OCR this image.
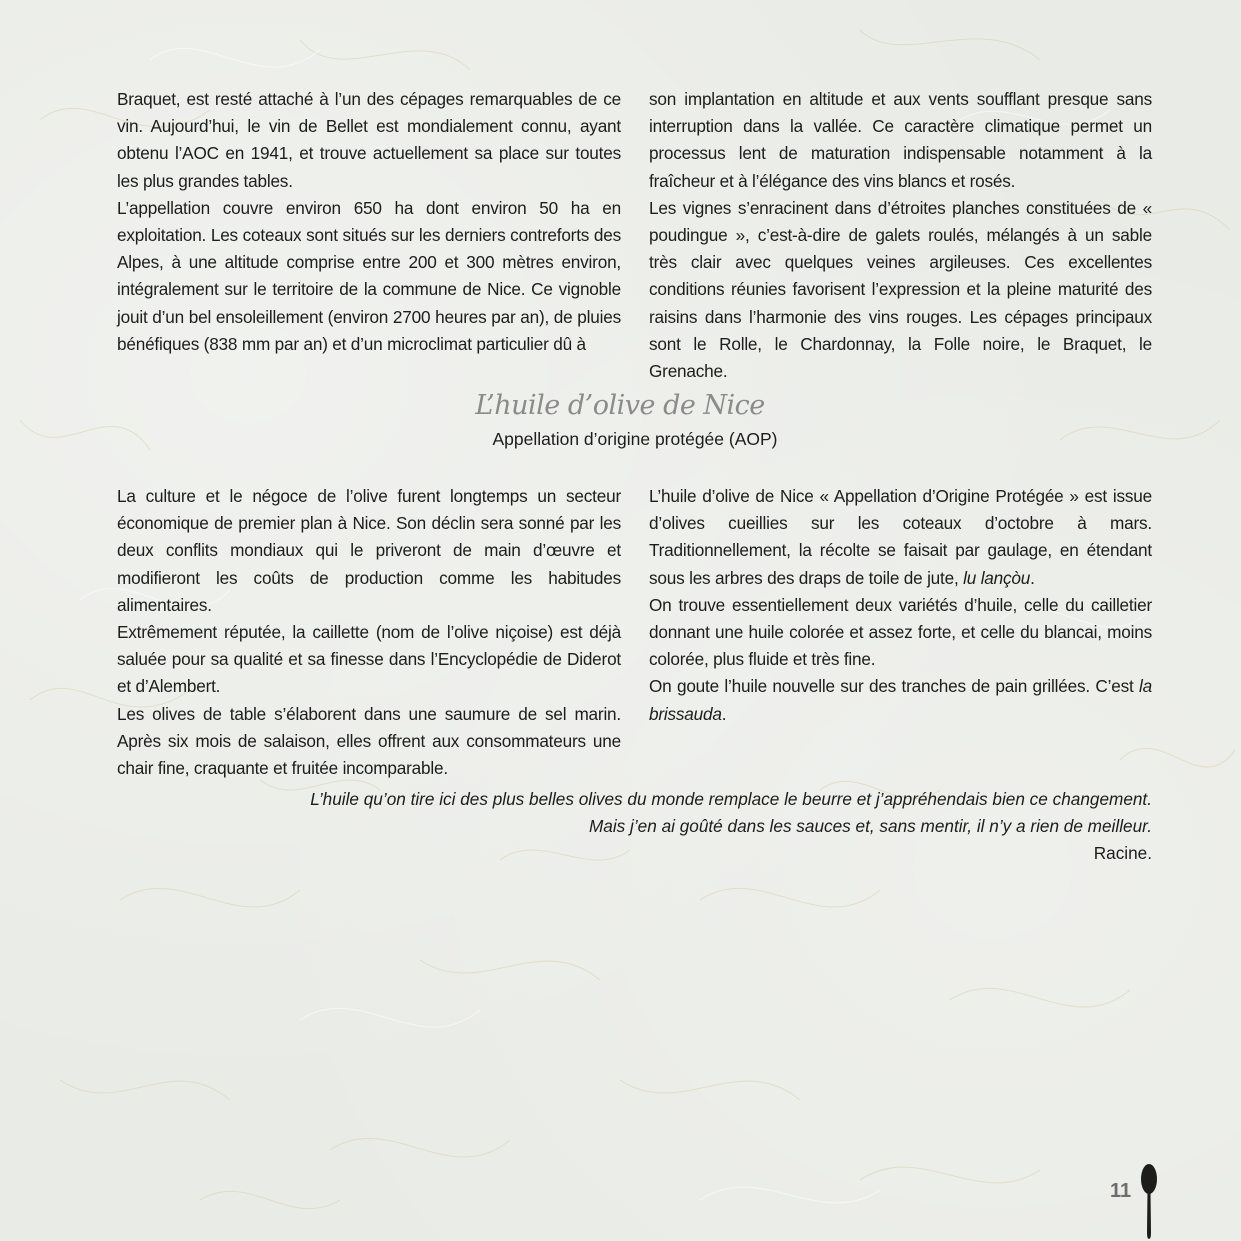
Braquet, est resté attaché à l’un des cépages remarquables de ce vin. Aujourd’hui, le vin de Bellet est mondialement connu, ayant obtenu l’AOC en 1941, et trouve actuellement sa place sur toutes les plus grandes tables.

L’appellation couvre environ 650 ha dont environ 50 ha en exploitation. Les coteaux sont situés sur les derniers contreforts des Alpes, à une altitude comprise entre 200 et 300 mètres environ, intégralement sur le territoire de la commune de Nice. Ce vignoble jouit d’un bel ensoleillement (environ 2700 heures par an), de pluies bénéfiques (838 mm par an) et d’un microclimat particulier dû à

son implantation en altitude et aux vents soufflant presque sans interruption dans la vallée. Ce caractère climatique permet un processus lent de maturation indispensable notamment à la fraîcheur et à l’élégance des vins blancs et rosés.

Les vignes s’enracinent dans d’étroites planches constituées de « poudingue », c’est-à-dire de galets roulés, mélangés à un sable très clair avec quelques veines argileuses. Ces excellentes conditions réunies favorisent l’expression et la pleine maturité des raisins dans l’harmonie des vins rouges. Les cépages principaux sont le Rolle, le Chardonnay, la Folle noire, le Braquet, le Grenache.

L’huile d’olive de Nice
Appellation d’origine protégée (AOP)

La culture et le négoce de l’olive furent longtemps un secteur économique de premier plan à Nice. Son déclin sera sonné par les deux conflits mondiaux qui le priveront de main d’œuvre et modifieront les coûts de production comme les habitudes alimentaires.

Extrêmement réputée, la caillette (nom de l’olive niçoise) est déjà saluée pour sa qualité et sa finesse dans l’Encyclopédie de Diderot et d’Alembert.

Les olives de table s’élaborent dans une saumure de sel marin. Après six mois de salaison, elles offrent aux consommateurs une chair fine, craquante et fruitée incomparable.

L’huile d’olive de Nice « Appellation d’Origine Protégée » est issue d’olives cueillies sur les coteaux d’octobre à mars. Traditionnellement, la récolte se faisait par gaulage, en étendant sous les arbres des draps de toile de jute, lu lançòu.

On trouve essentiellement deux variétés d’huile, celle du cailletier donnant une huile colorée et assez forte, et celle du blancai, moins colorée, plus fluide et très fine.

On goute l’huile nouvelle sur des tranches de pain grillées. C’est la brissauda.

L’huile qu’on tire ici des plus belles olives du monde remplace le beurre et j’appréhendais bien ce changement.
Mais j’en ai goûté dans les sauces et, sans mentir, il n’y a rien de meilleur.
Racine.
11
